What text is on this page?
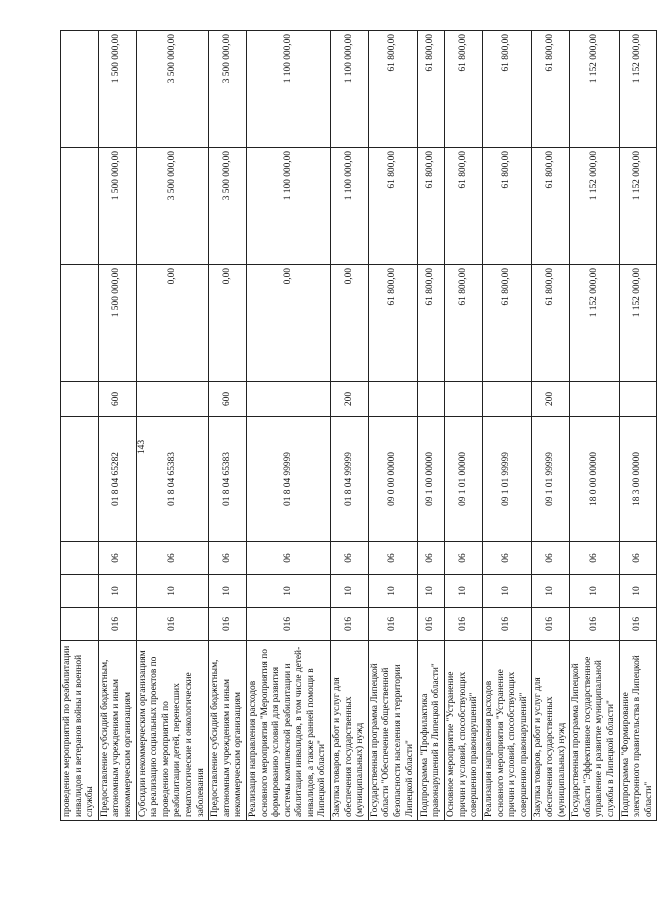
143
проведение мероприятий по реабилитации инвалидов и ветеранов войны и военной службы								
Предоставление субсидий бюджетным, автономным учреждениям и иным некоммерческим организациям	016	10	06	01 8 04 65282	600	1 500 000,00	1 500 000,00	1 500 000,00
Субсидии некоммерческим организациям на реализацию социальных проектов по проведению мероприятий по реабилитации детей, перенесших гематологические и онкологические заболевания	016	10	06	01 8 04 65383		0,00	3 500 000,00	3 500 000,00
Предоставление субсидий бюджетным, автономным учреждениям и иным некоммерческим организациям	016	10	06	01 8 04 65383	600	0,00	3 500 000,00	3 500 000,00
Реализация направления расходов основного мероприятия "Мероприятия по формированию условий для развития системы комплексной реабилитации и абилитации инвалидов, в том числе детей-инвалидов, а также ранней помощи в Липецкой области"	016	10	06	01 8 04 99999		0,00	1 100 000,00	1 100 000,00
Закупка товаров, работ и услуг для обеспечения государственных (муниципальных) нужд	016	10	06	01 8 04 99999	200	0,00	1 100 000,00	1 100 000,00
Государственная программа Липецкой области "Обеспечение общественной безопасности населения и территории Липецкой области"	016	10	06	09 0 00 00000		61 800,00	61 800,00	61 800,00
Подпрограмма "Профилактика правонарушений в Липецкой области"	016	10	06	09 1 00 00000		61 800,00	61 800,00	61 800,00
Основное мероприятие "Устранение причин и условий, способствующих совершению правонарушений"	016	10	06	09 1 01 00000		61 800,00	61 800,00	61 800,00
Реализация направления расходов основного мероприятия "Устранение причин и условий, способствующих совершению правонарушений"	016	10	06	09 1 01 99999		61 800,00	61 800,00	61 800,00
Закупка товаров, работ и услуг для обеспечения государственных (муниципальных) нужд	016	10	06	09 1 01 99999	200	61 800,00	61 800,00	61 800,00
Государственная программа Липецкой области "Эффективное государственное управление и развитие муниципальной службы в Липецкой области"	016	10	06	18 0 00 00000		1 152 000,00	1 152 000,00	1 152 000,00
Подпрограмма "Формирование электронного правительства в Липецкой области"	016	10	06	18 3 00 00000		1 152 000,00	1 152 000,00	1 152 000,00
